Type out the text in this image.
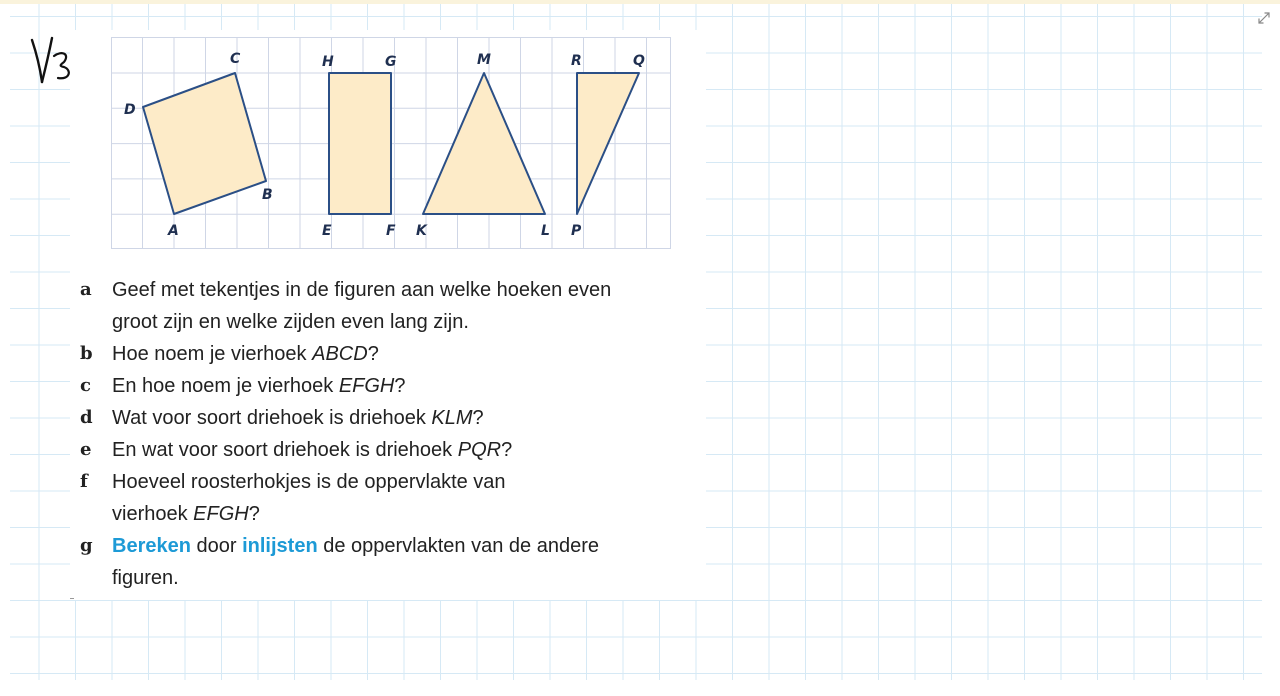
A
B
C
D
E	F
G
H
K	L
M
P
Q
R
a	Geef met tekentjes in de figuren aan welke hoeken even
groot zijn en welke zijden even lang zijn.
b Hoe noem je vierhoek ABCD?
c	En hoe noem je vierhoek EFGH?
d Wat voor soort driehoek is driehoek KLM?
e	En wat voor soort driehoek is driehoek PQR?
f	Hoeveel roosterhokjes is de oppervlakte van
vierhoek EFGH?
g Bereken door inlijsten de oppervlakten van de andere
figuren.
